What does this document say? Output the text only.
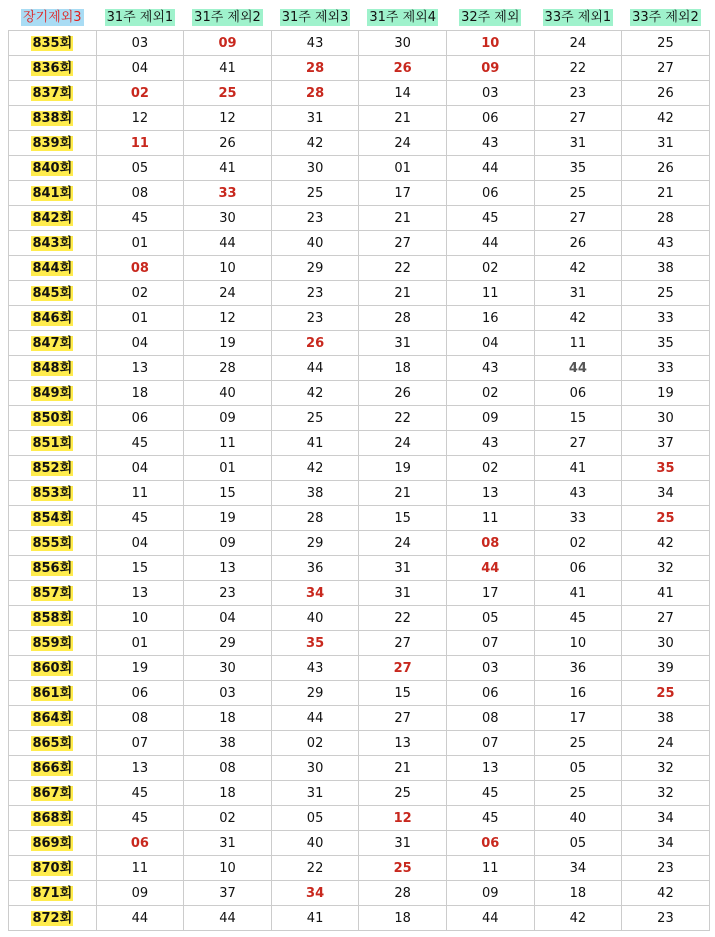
장기제외3	31주 제외1	31주 제외2	31주 제외3	31주 제외4	32주 제외	33주 제외1	33주 제외2
835회	03	09	43	30	10	24	25
836회	04	41	28	26	09	22	27
837회	02	25	28	14	03	23	26
838회	12	12	31	21	06	27	42
839회	11	26	42	24	43	31	31
840회	05	41	30	01	44	35	26
841회	08	33	25	17	06	25	21
842회	45	30	23	21	45	27	28
843회	01	44	40	27	44	26	43
844회	08	10	29	22	02	42	38
845회	02	24	23	21	11	31	25
846회	01	12	23	28	16	42	33
847회	04	19	26	31	04	11	35
848회	13	28	44	18	43	44	33
849회	18	40	42	26	02	06	19
850회	06	09	25	22	09	15	30
851회	45	11	41	24	43	27	37
852회	04	01	42	19	02	41	35
853회	11	15	38	21	13	43	34
854회	45	19	28	15	11	33	25
855회	04	09	29	24	08	02	42
856회	15	13	36	31	44	06	32
857회	13	23	34	31	17	41	41
858회	10	04	40	22	05	45	27
859회	01	29	35	27	07	10	30
860회	19	30	43	27	03	36	39
861회	06	03	29	15	06	16	25
864회	08	18	44	27	08	17	38
865회	07	38	02	13	07	25	24
866회	13	08	30	21	13	05	32
867회	45	18	31	25	45	25	32
868회	45	02	05	12	45	40	34
869회	06	31	40	31	06	05	34
870회	11	10	22	25	11	34	23
871회	09	37	34	28	09	18	42
872회	44	44	41	18	44	42	23
